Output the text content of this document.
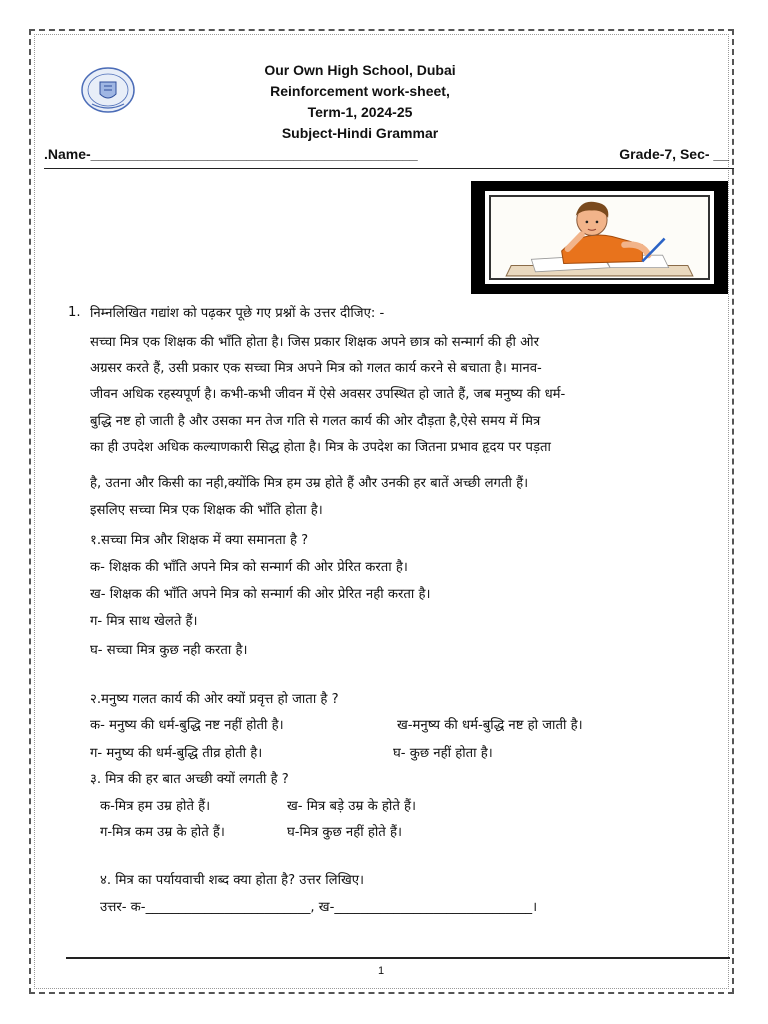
Our Own High School, Dubai
Reinforcement work-sheet,
Term-1, 2024-25
Subject-Hindi Grammar
.Name-__________________________________________	Grade-7, Sec- __
1. निम्नलिखित गद्यांश को पढ़कर पूछे गए प्रश्नों के उत्तर दीजिए: -
सच्चा मित्र एक शिक्षक की भाँति होता है। जिस प्रकार शिक्षक अपने छात्र को सन्मार्ग की ही ओर
अग्रसर करते हैं, उसी प्रकार एक सच्चा मित्र अपने मित्र को गलत कार्य करने से बचाता है। मानव-
जीवन अधिक रहस्यपूर्ण है। कभी-कभी जीवन में ऐसे अवसर उपस्थित हो जाते हैं, जब मनुष्य की धर्म-
बुद्धि नष्ट हो जाती है और उसका मन तेज गति से गलत कार्य की ओर दौड़ता है,ऐसे समय में मित्र
का ही उपदेश अधिक कल्याणकारी सिद्ध होता है। मित्र के उपदेश का जितना प्रभाव हृदय पर पड़ता
है, उतना और किसी का नही,क्योंकि मित्र हम उम्र होते हैं और उनकी हर बातें अच्छी लगती हैं।
इसलिए सच्चा मित्र एक शिक्षक की भाँति होता है।
१.सच्चा मित्र और शिक्षक में क्या समानता है ?
क- शिक्षक की भाँति अपने मित्र को सन्मार्ग की ओर प्रेरित करता है।
ख- शिक्षक की भाँति अपने मित्र को सन्मार्ग की ओर प्रेरित नही करता है।
ग- मित्र साथ खेलते हैं।
घ- सच्चा मित्र कुछ नही करता है।
२.मनुष्य गलत कार्य की ओर क्यों प्रवृत्त हो जाता है ?
क- मनुष्य की धर्म-बुद्धि नष्ट नहीं होती है।	ख-मनुष्य की धर्म-बुद्धि नष्ट हो जाती है।
ग- मनुष्य की धर्म-बुद्धि तीव्र होती है।	घ- कुछ नहीं होता है।
३. मित्र की हर बात अच्छी क्यों लगती है ?
क-मित्र हम उम्र होते हैं।	ख- मित्र बड़े उम्र के होते हैं।
ग-मित्र कम उम्र के होते हैं।	घ-मित्र कुछ नहीं होते हैं।
४. मित्र का पर्यायवाची शब्द क्या होता है? उत्तर लिखिए।
उत्तर- क-_________________________, ख-______________________________।
1
